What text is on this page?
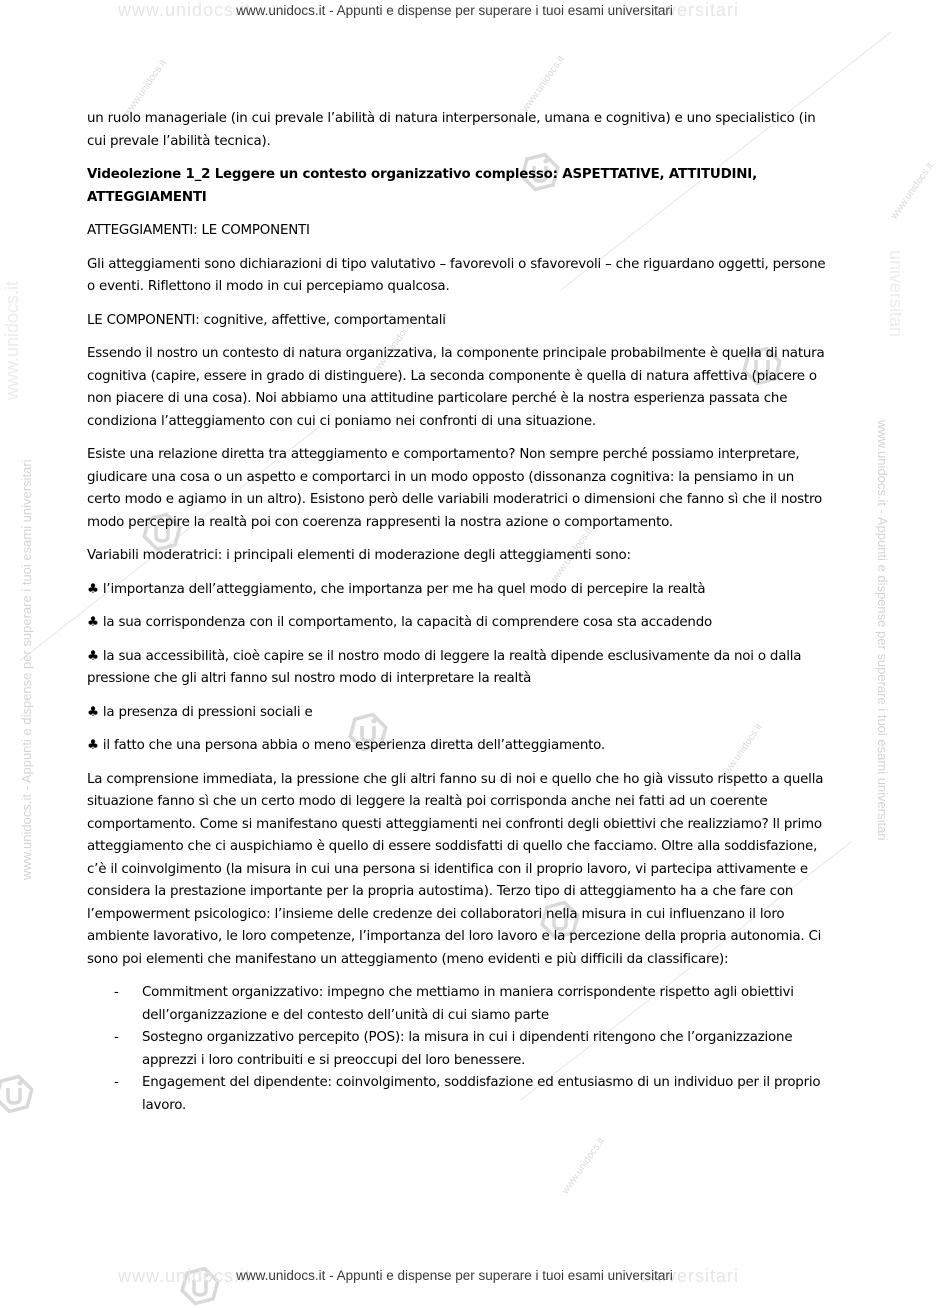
www.unidocs.it
www.unidocs.it
www.unidocs.it
www.unidocs.it
www.unidocs.it
www.unidocs.it
www.unidocs.it
www.unidocs.it	universitari
www.unidocs.it - Appunti e dispense per superare i tuoi esami universitari
www.unidocs.it	universitari
www.unidocs.it - Appunti e dispense per superare i tuoi esami universitari
www.unidocs.it - Appunti e dispense per superare i tuoi esami universitari
www.unidocs.it
www.unidocs.it - Appunti e dispense per superare i tuoi esami universitari
universitari

un ruolo manageriale (in cui prevale l’abilità di natura interpersonale, umana e cognitiva) e uno specialistico (in cui prevale l’abilità tecnica).

Videolezione 1_2 Leggere un contesto organizzativo complesso: ASPETTATIVE, ATTITUDINI, ATTEGGIAMENTI

ATTEGGIAMENTI: LE COMPONENTI

Gli atteggiamenti sono dichiarazioni di tipo valutativo – favorevoli o sfavorevoli – che riguardano oggetti, persone o eventi. Riflettono il modo in cui percepiamo qualcosa.

LE COMPONENTI: cognitive, affettive, comportamentali

Essendo il nostro un contesto di natura organizzativa, la componente principale probabilmente è quella di natura cognitiva (capire, essere in grado di distinguere). La seconda componente è quella di natura affettiva (piacere o non piacere di una cosa). Noi abbiamo una attitudine particolare perché è la nostra esperienza passata che condiziona l’atteggiamento con cui ci poniamo nei confronti di una situazione.

Esiste una relazione diretta tra atteggiamento e comportamento? Non sempre perché possiamo interpretare, giudicare una cosa o un aspetto e comportarci in un modo opposto (dissonanza cognitiva: la pensiamo in un certo modo e agiamo in un altro). Esistono però delle variabili moderatrici o dimensioni che fanno sì che il nostro modo percepire la realtà poi con coerenza rappresenti la nostra azione o comportamento.

Variabili moderatrici: i principali elementi di moderazione degli atteggiamenti sono:

♣ l’importanza dell’atteggiamento, che importanza per me ha quel modo di percepire la realtà

♣ la sua corrispondenza con il comportamento, la capacità di comprendere cosa sta accadendo

♣ la sua accessibilità, cioè capire se il nostro modo di leggere la realtà dipende esclusivamente da noi o dalla pressione che gli altri fanno sul nostro modo di interpretare la realtà

♣ la presenza di pressioni sociali e

♣ il fatto che una persona abbia o meno esperienza diretta dell’atteggiamento.

La comprensione immediata, la pressione che gli altri fanno su di noi e quello che ho già vissuto rispetto a quella situazione fanno sì che un certo modo di leggere la realtà poi corrisponda anche nei fatti ad un coerente comportamento. Come si manifestano questi atteggiamenti nei confronti degli obiettivi che realizziamo? Il primo atteggiamento che ci auspichiamo è quello di essere soddisfatti di quello che facciamo. Oltre alla soddisfazione, c’è il coinvolgimento (la misura in cui una persona si identifica con il proprio lavoro, vi partecipa attivamente e considera la prestazione importante per la propria autostima). Terzo tipo di atteggiamento ha a che fare con l’empowerment psicologico: l’insieme delle credenze dei collaboratori nella misura in cui influenzano il loro ambiente lavorativo, le loro competenze, l’importanza del loro lavoro e la percezione della propria autonomia. Ci sono poi elementi che manifestano un atteggiamento (meno evidenti e più difficili da classificare):

- Commitment organizzativo: impegno che mettiamo in maniera corrispondente rispetto agli obiettivi dell’organizzazione e del contesto dell’unità di cui siamo parte
- Sostegno organizzativo percepito (POS): la misura in cui i dipendenti ritengono che l’organizzazione apprezzi i loro contribuiti e si preoccupi del loro benessere.
- Engagement del dipendente: coinvolgimento, soddisfazione ed entusiasmo di un individuo per il proprio lavoro.
